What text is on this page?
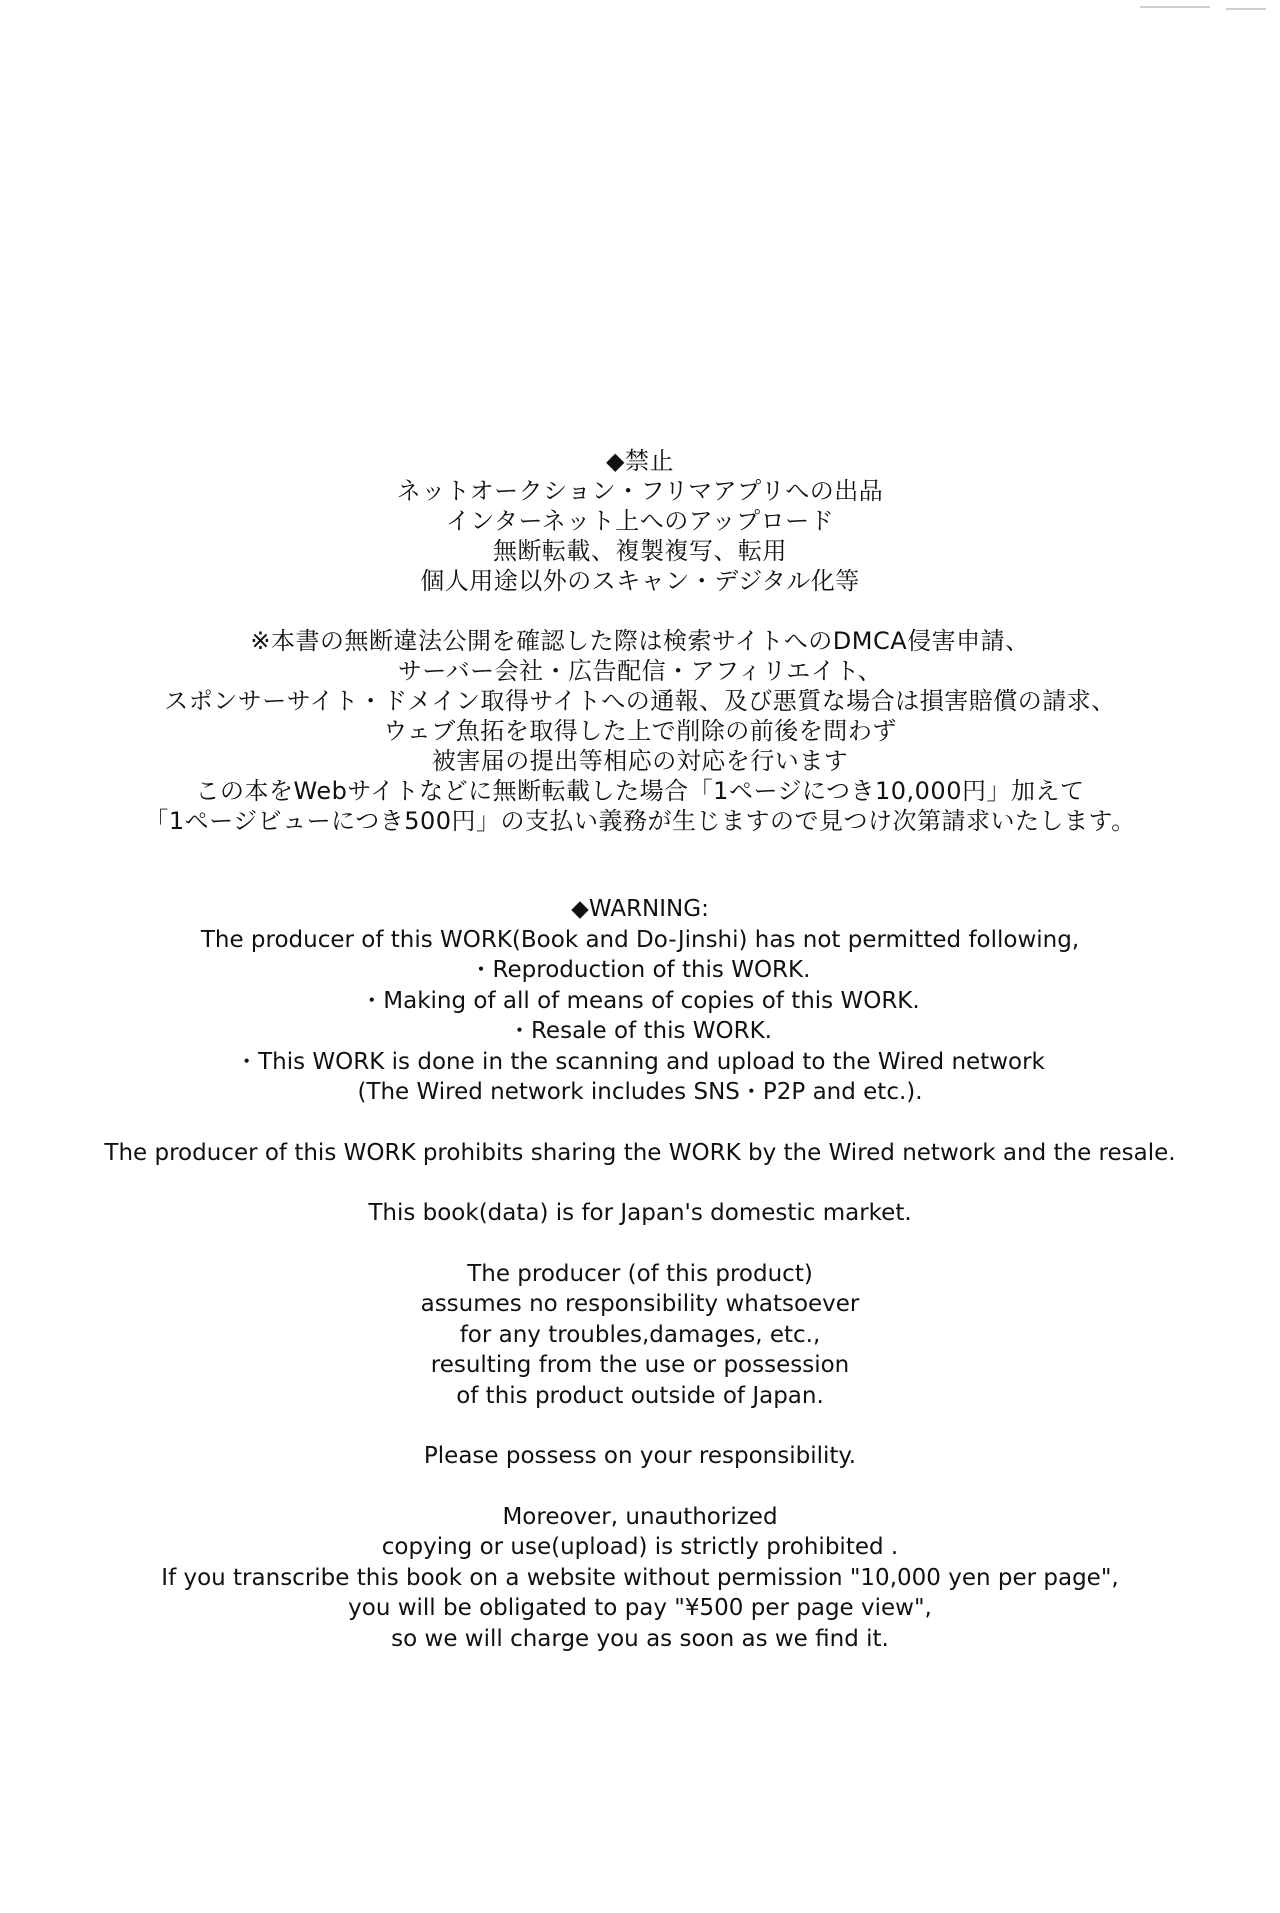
◆禁止
ネットオークション・フリマアプリへの出品
インターネット上へのアップロード
無断転載、複製複写、転用
個人用途以外のスキャン・デジタル化等
※本書の無断違法公開を確認した際は検索サイトへのDMCA侵害申請、
サーバー会社・広告配信・アフィリエイト、
スポンサーサイト・ドメイン取得サイトへの通報、及び悪質な場合は損害賠償の請求、
ウェブ魚拓を取得した上で削除の前後を問わず
被害届の提出等相応の対応を行います
この本をWebサイトなどに無断転載した場合「1ページにつき10,000円」加えて
「1ページビューにつき500円」の支払い義務が生じますので見つけ次第請求いたします。
◆WARNING:
The producer of this WORK(Book and Do-Jinshi) has not permitted following,
・Reproduction of this WORK.
・Making of all of means of copies of this WORK.
・Resale of this WORK.
・This WORK is done in the scanning and upload to the Wired network
(The Wired network includes SNS・P2P and etc.).
The producer of this WORK prohibits sharing the WORK by the Wired network and the resale.
This book(data) is for Japan's domestic market.
The producer (of this product)
assumes no responsibility whatsoever
for any troubles,damages, etc.,
resulting from the use or possession
of this product outside of Japan.
Please possess on your responsibility.
Moreover, unauthorized
copying or use(upload) is strictly prohibited .
If you transcribe this book on a website without permission "10,000 yen per page",
you will be obligated to pay "¥500 per page view",
so we will charge you as soon as we find it.
